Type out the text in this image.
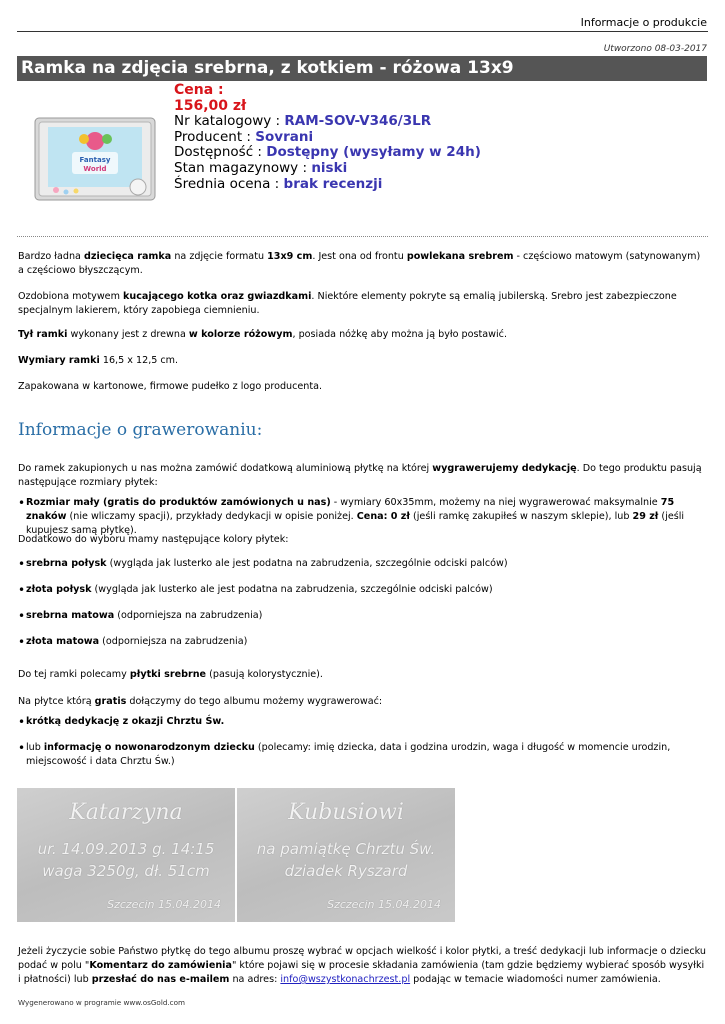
Informacje o produkcie
Utworzono 08-03-2017
Ramka na zdjęcia srebrna, z kotkiem - różowa 13x9
Fantasy
World
Cena :
156,00 zł
Nr katalogowy : RAM-SOV-V346/3LR
Producent : Sovrani
Dostępność : Dostępny (wysyłamy w 24h)
Stan magazynowy : niski
Średnia ocena : brak recenzji
Bardzo ładna dziecięca ramka na zdjęcie formatu 13x9 cm. Jest ona od frontu powlekana srebrem - częściowo matowym (satynowanym) a częściowo błyszczącym.
Ozdobiona motywem kucającego kotka oraz gwiazdkami. Niektóre elementy pokryte są emalią jubilerską. Srebro jest zabezpieczone specjalnym lakierem, który zapobiega ciemnieniu.
Tył ramki wykonany jest z drewna w kolorze różowym, posiada nóżkę aby można ją było postawić.
Wymiary ramki 16,5 x 12,5 cm.
Zapakowana w kartonowe, firmowe pudełko z logo producenta.
Informacje o grawerowaniu:
Do ramek zakupionych u nas można zamówić dodatkową aluminiową płytkę na której wygrawerujemy dedykację. Do tego produktu pasują następujące rozmiary płytek:
• Rozmiar mały (gratis do produktów zamówionych u nas) - wymiary 60x35mm, możemy na niej wygrawerować maksymalnie 75 znaków (nie wliczamy spacji), przykłady dedykacji w opisie poniżej. Cena: 0 zł (jeśli ramkę zakupiłeś w naszym sklepie), lub 29 zł (jeśli kupujesz samą płytkę).
Dodatkowo do wyboru mamy następujące kolory płytek:
• srebrna połysk (wygląda jak lusterko ale jest podatna na zabrudzenia, szczególnie odciski palców)
• złota połysk (wygląda jak lusterko ale jest podatna na zabrudzenia, szczególnie odciski palców)
• srebrna matowa (odporniejsza na zabrudzenia)
• złota matowa (odporniejsza na zabrudzenia)
Do tej ramki polecamy płytki srebrne (pasują kolorystycznie).
Na płytce którą gratis dołączymy do tego albumu możemy wygrawerować:
• krótką dedykację z okazji Chrztu Św.
• lub informację o nowonarodzonym dziecku (polecamy: imię dziecka, data i godzina urodzin, waga i długość w momencie urodzin, miejscowość i data Chrztu Św.)
Katarzyna
ur. 14.09.2013 g. 14:15
waga 3250g, dł. 51cm
Szczecin 15.04.2014
Kubusiowi
na pamiątkę Chrztu Św.
dziadek Ryszard
Szczecin 15.04.2014
Jeżeli życzycie sobie Państwo płytkę do tego albumu proszę wybrać w opcjach wielkość i kolor płytki, a treść dedykacji lub informacje o dziecku podać w polu "Komentarz do zamówienia" które pojawi się w procesie składania zamówienia (tam gdzie będziemy wybierać sposób wysyłki i płatności) lub przesłać do nas e-mailem na adres: info@wszystkonachrzest.pl podając w temacie wiadomości numer zamówienia.
Wygenerowano w programie www.osGold.com
